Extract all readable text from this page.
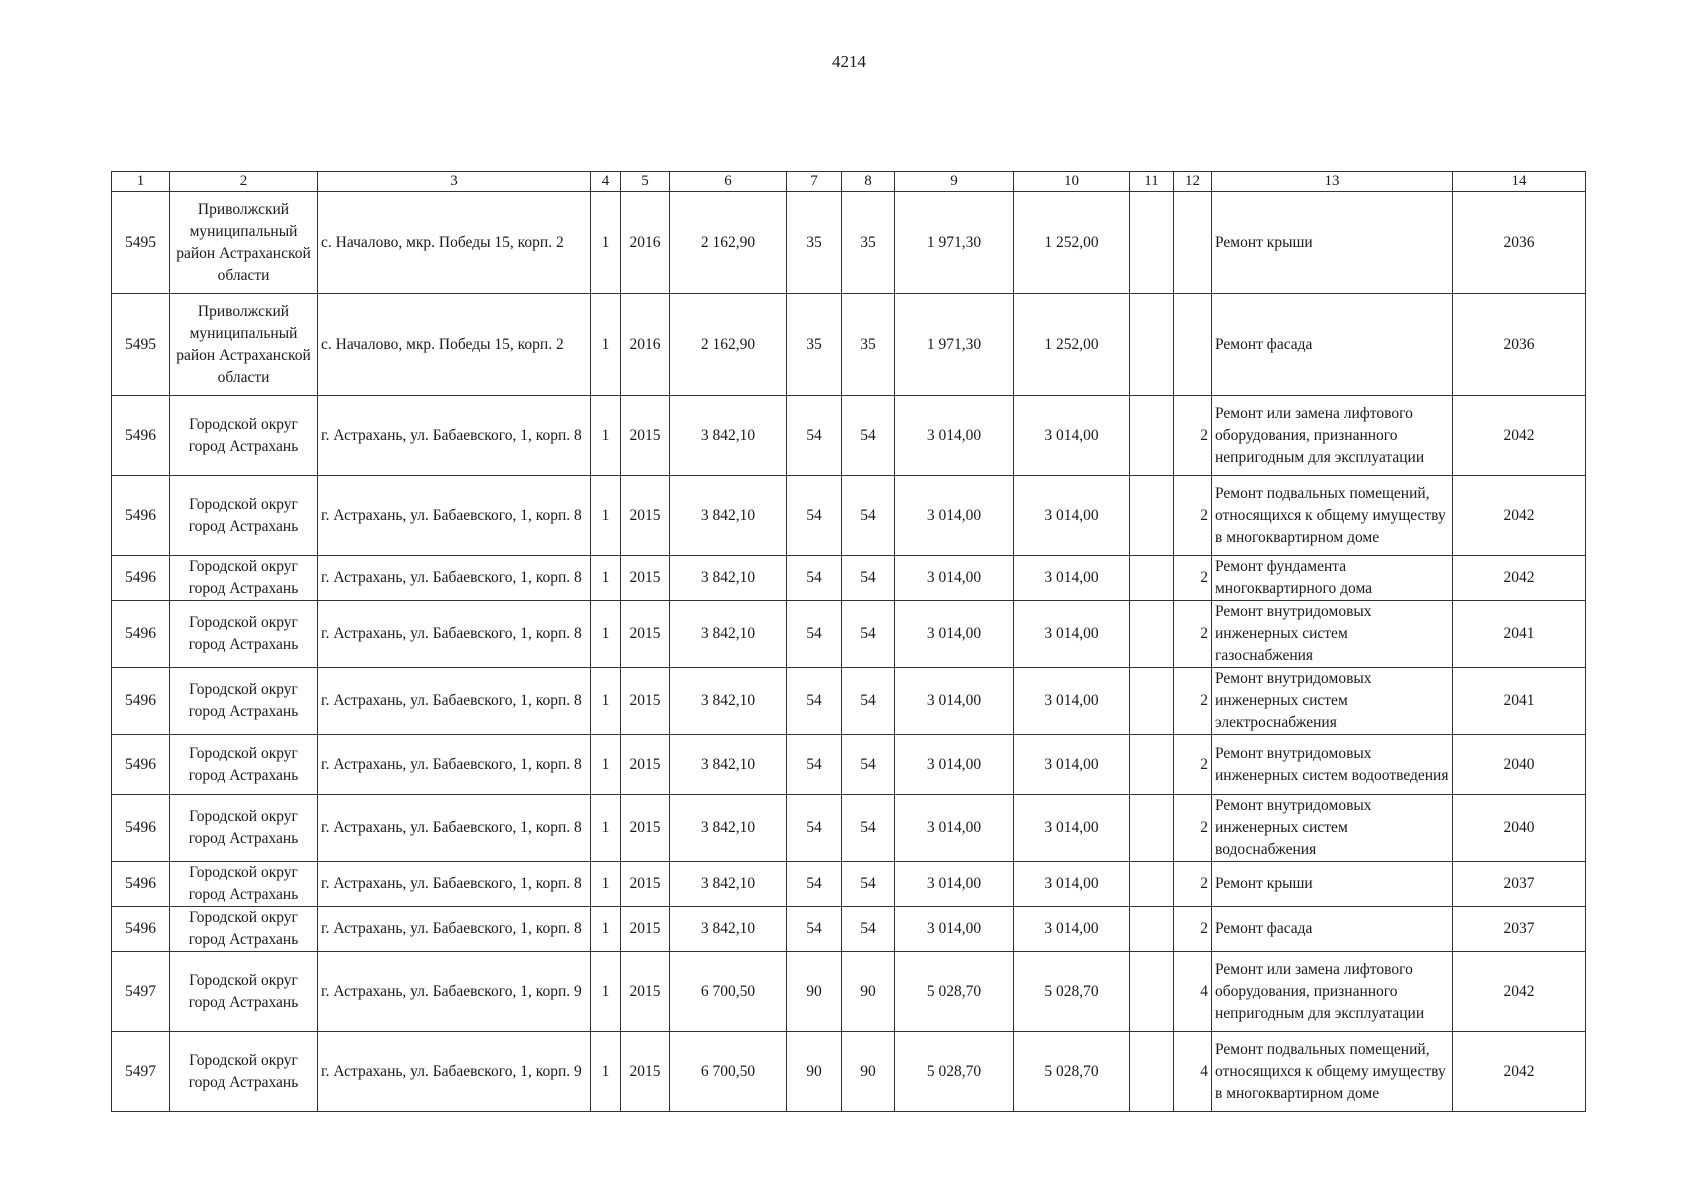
4214
1	2	3	4	5	6	7	8	9	10	11	12	13	14
5495	Приволжский муниципальный район Астраханской области	с. Началово, мкр. Победы 15, корп. 2	1	2016	2 162,90	35	35	1 971,30	1 252,00			Ремонт крыши	2036
5495	Приволжский муниципальный район Астраханской области	с. Началово, мкр. Победы 15, корп. 2	1	2016	2 162,90	35	35	1 971,30	1 252,00			Ремонт фасада	2036
5496	Городской округ город Астрахань	г. Астрахань, ул. Бабаевского, 1, корп. 8	1	2015	3 842,10	54	54	3 014,00	3 014,00		2	Ремонт или замена лифтового оборудования, признанного непригодным для эксплуатации	2042
5496	Городской округ город Астрахань	г. Астрахань, ул. Бабаевского, 1, корп. 8	1	2015	3 842,10	54	54	3 014,00	3 014,00		2	Ремонт подвальных помещений, относящихся к общему имуществу в многоквартирном доме	2042
5496	Городской округ город Астрахань	г. Астрахань, ул. Бабаевского, 1, корп. 8	1	2015	3 842,10	54	54	3 014,00	3 014,00		2	Ремонт фундамента многоквартирного дома	2042
5496	Городской округ город Астрахань	г. Астрахань, ул. Бабаевского, 1, корп. 8	1	2015	3 842,10	54	54	3 014,00	3 014,00		2	Ремонт внутридомовых инженерных систем газоснабжения	2041
5496	Городской округ город Астрахань	г. Астрахань, ул. Бабаевского, 1, корп. 8	1	2015	3 842,10	54	54	3 014,00	3 014,00		2	Ремонт внутридомовых инженерных систем электроснабжения	2041
5496	Городской округ город Астрахань	г. Астрахань, ул. Бабаевского, 1, корп. 8	1	2015	3 842,10	54	54	3 014,00	3 014,00		2	Ремонт внутридомовых инженерных систем водоотведения	2040
5496	Городской округ город Астрахань	г. Астрахань, ул. Бабаевского, 1, корп. 8	1	2015	3 842,10	54	54	3 014,00	3 014,00		2	Ремонт внутридомовых инженерных систем водоснабжения	2040
5496	Городской округ город Астрахань	г. Астрахань, ул. Бабаевского, 1, корп. 8	1	2015	3 842,10	54	54	3 014,00	3 014,00		2	Ремонт крыши	2037
5496	Городской округ город Астрахань	г. Астрахань, ул. Бабаевского, 1, корп. 8	1	2015	3 842,10	54	54	3 014,00	3 014,00		2	Ремонт фасада	2037
5497	Городской округ город Астрахань	г. Астрахань, ул. Бабаевского, 1, корп. 9	1	2015	6 700,50	90	90	5 028,70	5 028,70		4	Ремонт или замена лифтового оборудования, признанного непригодным для эксплуатации	2042
5497	Городской округ город Астрахань	г. Астрахань, ул. Бабаевского, 1, корп. 9	1	2015	6 700,50	90	90	5 028,70	5 028,70		4	Ремонт подвальных помещений, относящихся к общему имуществу в многоквартирном доме	2042
